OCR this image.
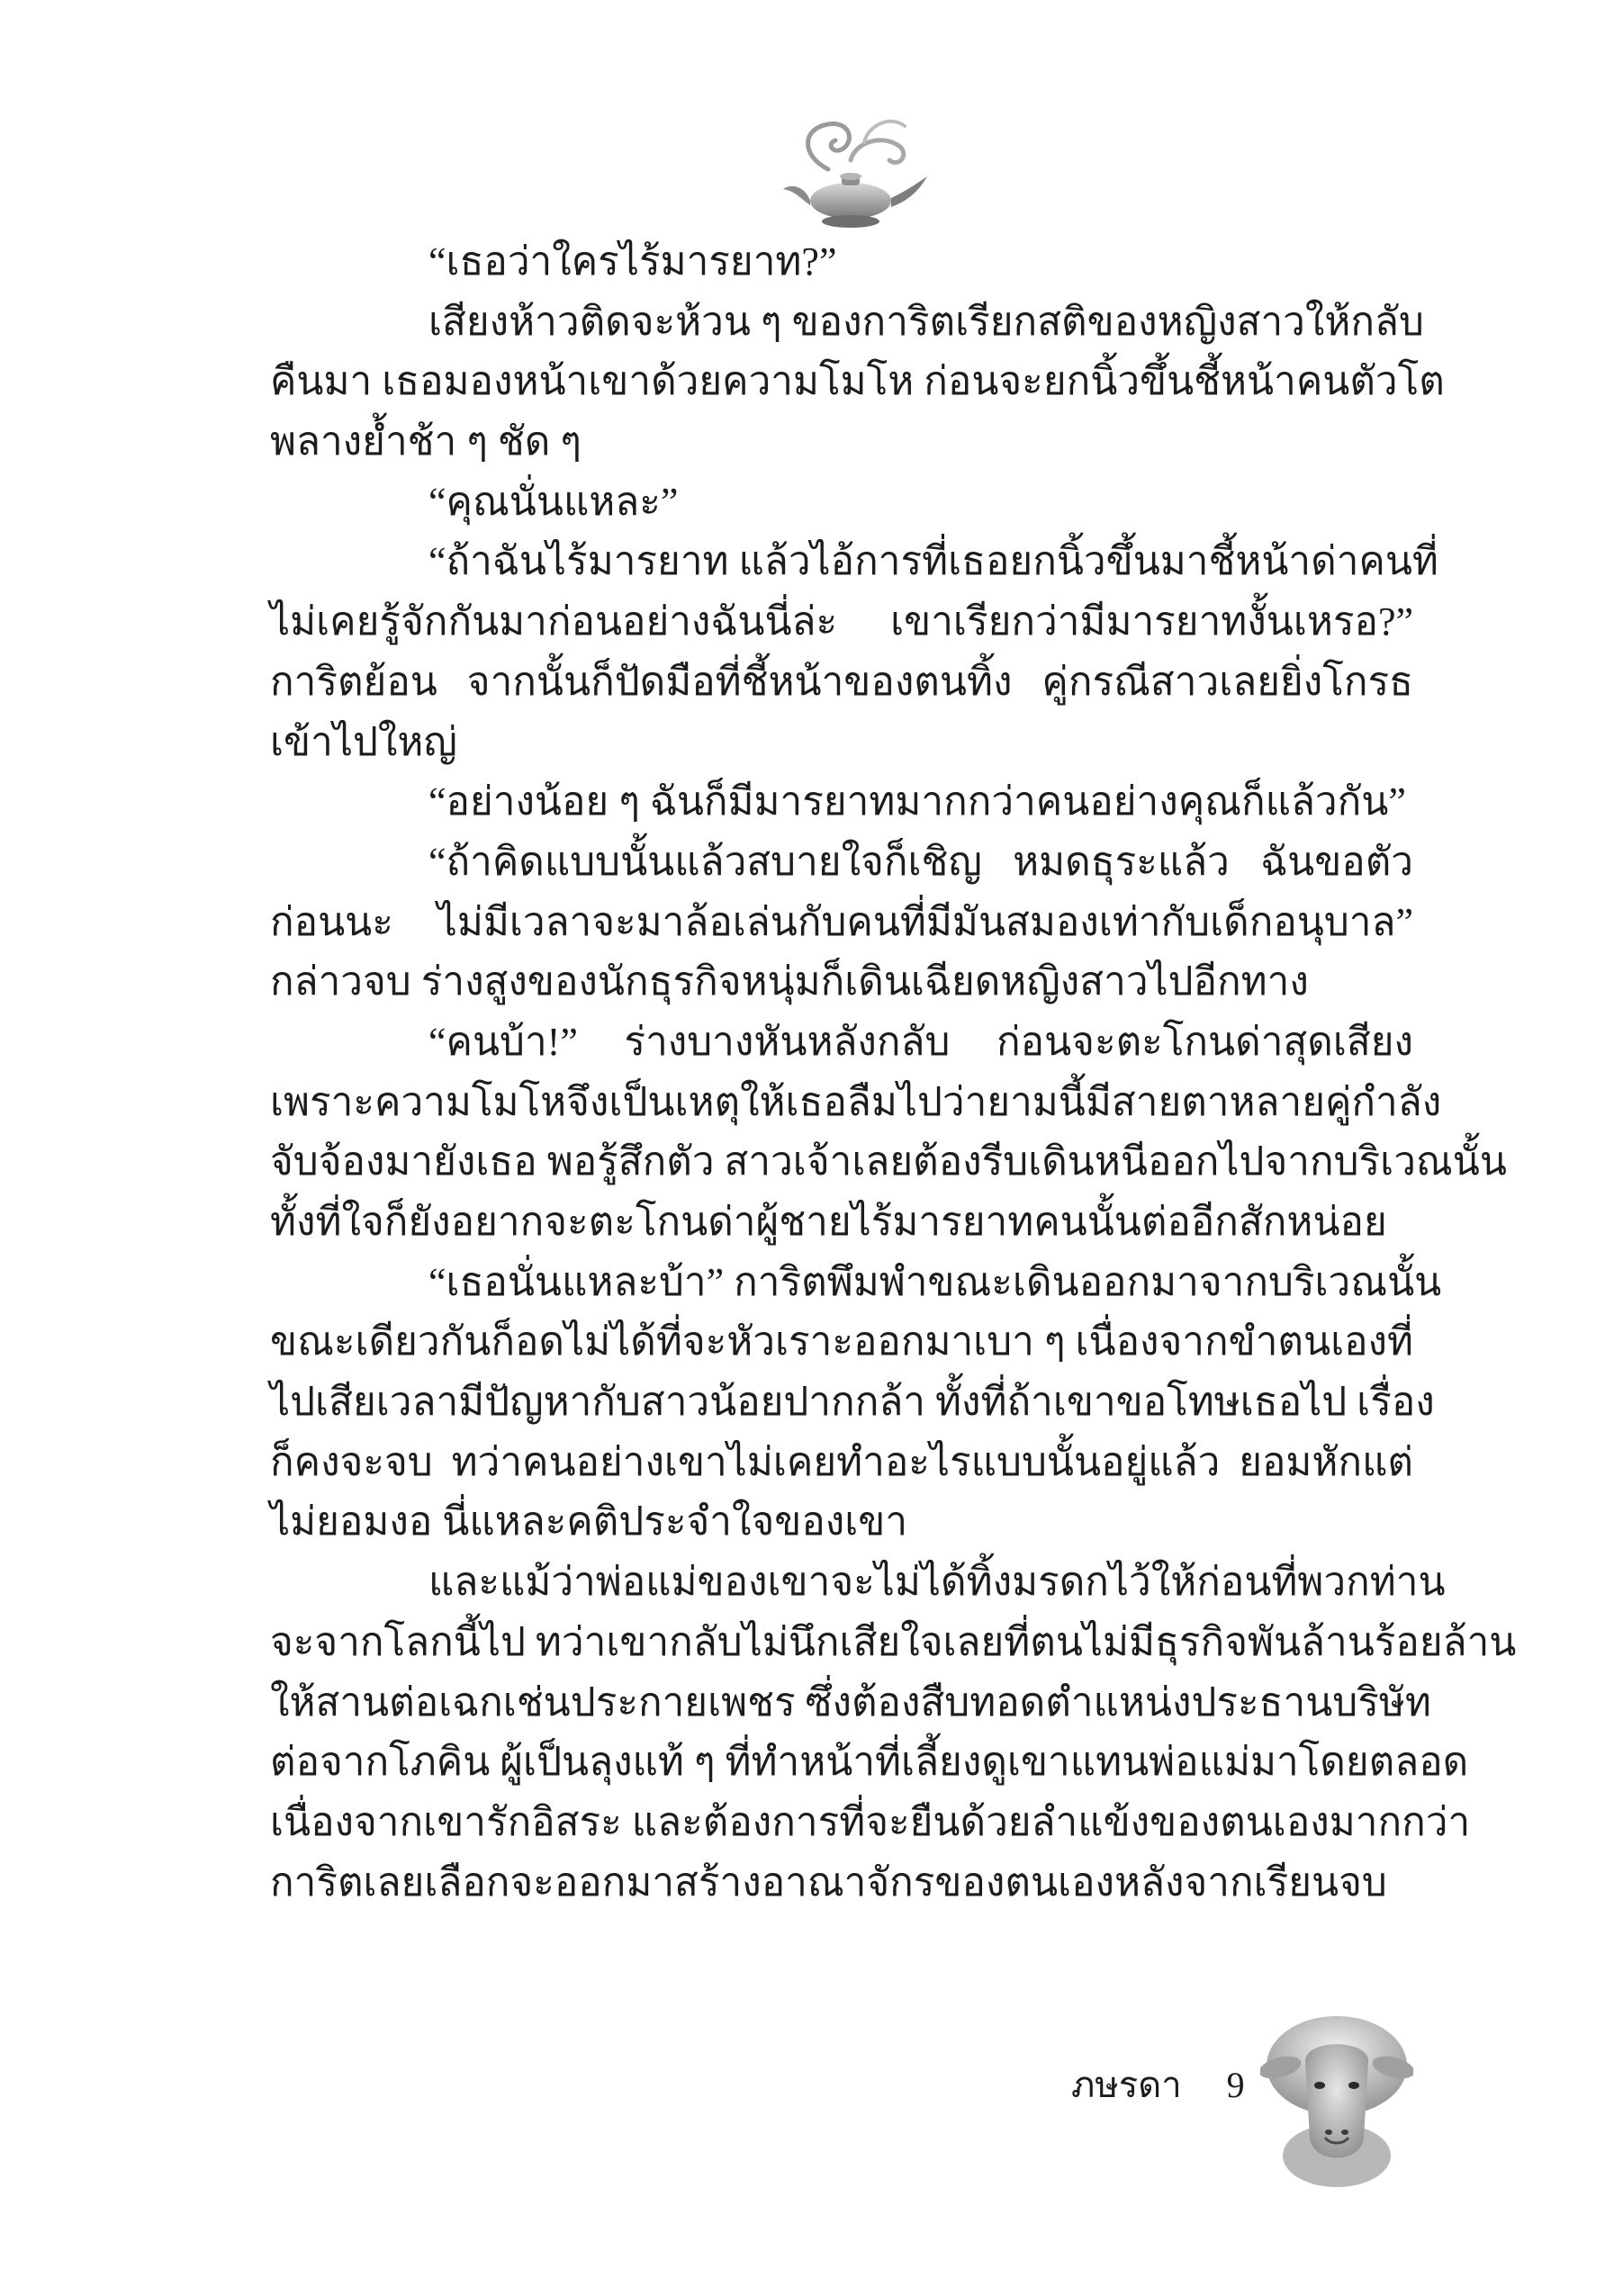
“เธอว่าใครไร้มารยาท?”
เสียงห้าวติดจะห้วน ๆ ของการิตเรียกสติของหญิงสาวให้กลับ
คืนมา เธอมองหน้าเขาด้วยความโมโห ก่อนจะยกนิ้วขึ้นชี้หน้าคนตัวโต
พลางย้ำช้า ๆ ชัด ๆ
“คุณนั่นแหละ”
“ถ้าฉันไร้มารยาท แล้วไอ้การที่เธอยกนิ้วขึ้นมาชี้หน้าด่าคนที่
ไม่เคยรู้จักกันมาก่อนอย่างฉันนี่ล่ะ เขาเรียกว่ามีมารยาทงั้นเหรอ?”
การิตย้อน จากนั้นก็ปัดมือที่ชี้หน้าของตนทิ้ง คู่กรณีสาวเลยยิ่งโกรธ
เข้าไปใหญ่
“อย่างน้อย ๆ ฉันก็มีมารยาทมากกว่าคนอย่างคุณก็แล้วกัน”
“ถ้าคิดแบบนั้นแล้วสบายใจก็เชิญ หมดธุระแล้ว ฉันขอตัว
ก่อนนะ ไม่มีเวลาจะมาล้อเล่นกับคนที่มีมันสมองเท่ากับเด็กอนุบาล”
กล่าวจบ ร่างสูงของนักธุรกิจหนุ่มก็เดินเฉียดหญิงสาวไปอีกทาง
“คนบ้า!” ร่างบางหันหลังกลับ ก่อนจะตะโกนด่าสุดเสียง
เพราะความโมโหจึงเป็นเหตุให้เธอลืมไปว่ายามนี้มีสายตาหลายคู่กำลัง
จับจ้องมายังเธอ พอรู้สึกตัว สาวเจ้าเลยต้องรีบเดินหนีออกไปจากบริเวณนั้น
ทั้งที่ใจก็ยังอยากจะตะโกนด่าผู้ชายไร้มารยาทคนนั้นต่ออีกสักหน่อย
“เธอนั่นแหละบ้า” การิตพึมพำขณะเดินออกมาจากบริเวณนั้น
ขณะเดียวกันก็อดไม่ได้ที่จะหัวเราะออกมาเบา ๆ เนื่องจากขำตนเองที่
ไปเสียเวลามีปัญหากับสาวน้อยปากกล้า ทั้งที่ถ้าเขาขอโทษเธอไป เรื่อง
ก็คงจะจบ ทว่าคนอย่างเขาไม่เคยทำอะไรแบบนั้นอยู่แล้ว ยอมหักแต่
ไม่ยอมงอ นี่แหละคติประจำใจของเขา
และแม้ว่าพ่อแม่ของเขาจะไม่ได้ทิ้งมรดกไว้ให้ก่อนที่พวกท่าน
จะจากโลกนี้ไป ทว่าเขากลับไม่นึกเสียใจเลยที่ตนไม่มีธุรกิจพันล้านร้อยล้าน
ให้สานต่อเฉกเช่นประกายเพชร ซึ่งต้องสืบทอดตำแหน่งประธานบริษัท
ต่อจากโภคิน ผู้เป็นลุงแท้ ๆ ที่ทำหน้าที่เลี้ยงดูเขาแทนพ่อแม่มาโดยตลอด
เนื่องจากเขารักอิสระ และต้องการที่จะยืนด้วยลำแข้งของตนเองมากกว่า
การิตเลยเลือกจะออกมาสร้างอาณาจักรของตนเองหลังจากเรียนจบ
ภษรดา 9
